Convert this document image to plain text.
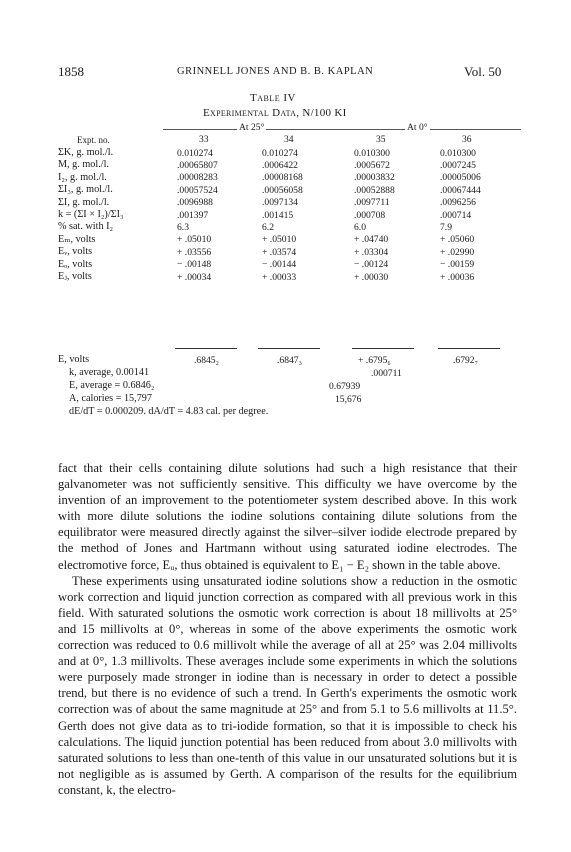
1858	GRINNELL JONES AND B. B. KAPLAN	Vol. 50
Table IV
Experimental Data, N/100 KI
At 25°	At 0°
Expt. no.	33	34	35	36
ΣK, g. mol./l.	0.010274	0.010274	0.010300	0.010300
M, g. mol./l.	.00065807	.0006422	.0005672	.0007245
I₂, g. mol./l.	.00008283	.00008168	.00003832	.00005006
ΣI₃, g. mol./l.	.00057524	.00056058	.00052888	.00067444
ΣI, g. mol./l.	.0096988	.0097134	.0097711	.0096256
k = (ΣI × I₂)/ΣI₃	.001397	.001415	.000708	.000714
% sat. with I₂	6.3	6.2	6.0	7.9
Eₘ, volts	+ .05010	+ .05010	+ .04740	+ .05060
Eᵥ, volts	+ .03556	+ .03574	+ .03304	+ .02990
Eₒ, volts	− .00148	− .00144	− .00124	− .00159
Eⱼ, volts	+ .00034	+ .00033	+ .00030	+ .00036
E, volts	.6845₂	.6847₃	+ .6795₆	.6792₇
k, average, 0.00141	.000711
E, average = 0.6846₂	0.67939
A, calories = 15,797	15,676
dE/dT = 0.000209. dA/dT = 4.83 cal. per degree.

fact that their cells containing dilute solutions had such a high resistance that their galvanometer was not sufficiently sensitive. This difficulty we have overcome by the invention of an improvement to the potentiometer system described above. In this work with more dilute solutions the iodine solutions containing dilute solutions from the equilibrator were measured directly against the silver–silver iodide electrode prepared by the method of Jones and Hartmann without using saturated iodine electrodes. The electromotive force, Eᵤ, thus obtained is equivalent to E₁ − E₂ shown in the table above.

These experiments using unsaturated iodine solutions show a reduction in the osmotic work correction and liquid junction correction as compared with all previous work in this field. With saturated solutions the osmotic work correction is about 18 millivolts at 25° and 15 millivolts at 0°, whereas in some of the above experiments the osmotic work correction was reduced to 0.6 millivolt while the average of all at 25° was 2.04 millivolts and at 0°, 1.3 millivolts. These averages include some experiments in which the solutions were purposely made stronger in iodine than is necessary in order to detect a possible trend, but there is no evidence of such a trend. In Gerth's experiments the osmotic work correction was of about the same magnitude at 25° and from 5.1 to 5.6 millivolts at 11.5°. Gerth does not give data as to tri-iodide formation, so that it is impossible to check his calculations. The liquid junction potential has been reduced from about 3.0 millivolts with saturated solutions to less than one-tenth of this value in our unsaturated solutions but it is not negligible as is assumed by Gerth. A comparison of the results for the equilibrium constant, k, the electro-
